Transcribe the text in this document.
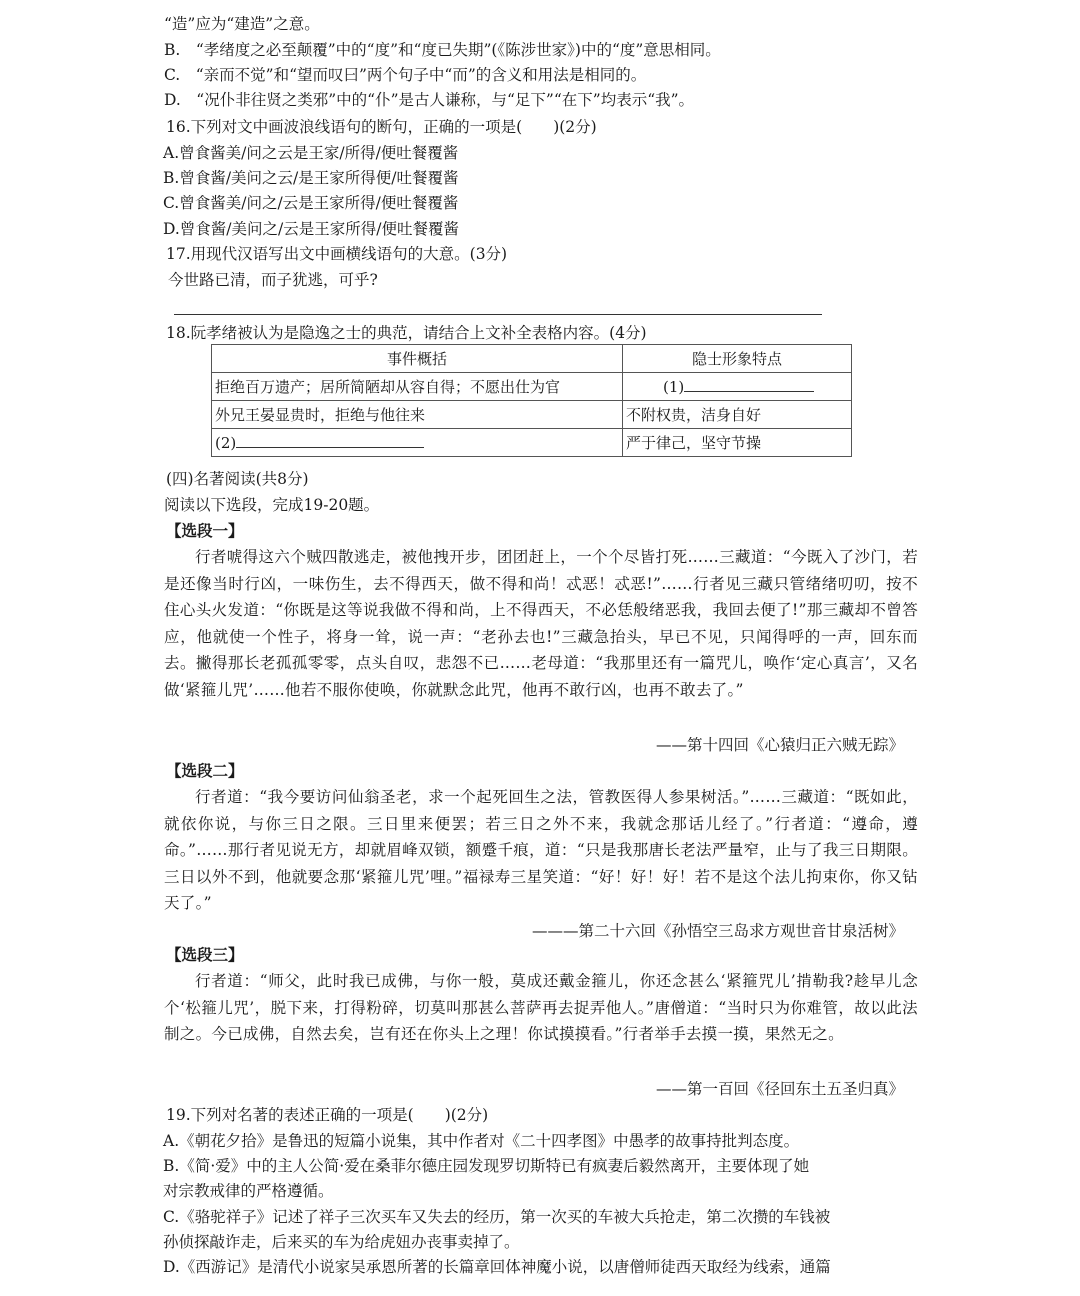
“造”应为“建造”之意。
B.　“孝绪度之必至颠覆”中的“度”和“度已失期”(《陈涉世家》)中的“度”意思相同。
C.　“亲而不觉”和“望而叹曰”两个句子中“而”的含义和用法是相同的。
D.　“况仆非往贤之类邪”中的“仆”是古人谦称，与“足下”“在下”均表示“我”。
16.下列对文中画波浪线语句的断句，正确的一项是(　　)(2分)
A.曾食酱美/问之云是王家/所得/便吐餐覆酱
B.曾食酱/美问之云/是王家所得便/吐餐覆酱
C.曾食酱美/问之/云是王家所得/便吐餐覆酱
D.曾食酱/美问之/云是王家所得/便吐餐覆酱
17.用现代汉语写出文中画横线语句的大意。(3分)
今世路已清，而子犹逃，可乎?
18.阮孝绪被认为是隐逸之士的典范，请结合上文补全表格内容。(4分)
事件概括	隐士形象特点
拒绝百万遗产；居所简陋却从容自得；不愿出仕为官	(1)
外兄王晏显贵时，拒绝与他往来	不附权贵，洁身自好
(2)	严于律己，坚守节操
(四)名著阅读(共8分)
阅读以下选段，完成19-20题。
【选段一】
行者唬得这六个贼四散逃走，被他拽开步，团团赶上，一个个尽皆打死……三藏道：“今既入了沙门，若是还像当时行凶，一味伤生，去不得西天，做不得和尚！忒恶！忒恶!”……行者见三藏只管绪绪叨叨，按不住心头火发道：“你既是这等说我做不得和尚，上不得西天，不必恁般绪恶我，我回去便了!”那三藏却不曾答应，他就使一个性子，将身一耸，说一声：“老孙去也!”三藏急抬头，早已不见，只闻得呼的一声，回东而去。撇得那长老孤孤零零，点头自叹，悲怨不已……老母道：“我那里还有一篇咒儿，唤作‘定心真言’，又名做‘紧箍儿咒’……他若不服你使唤，你就默念此咒，他再不敢行凶，也再不敢去了。”
——第十四回《心猿归正六贼无踪》
【选段二】
行者道：“我今要访问仙翁圣老，求一个起死回生之法，管教医得人参果树活。”……三藏道：“既如此，就依你说，与你三日之限。三日里来便罢；若三日之外不来，我就念那话儿经了。”行者道：“遵命，遵命。”……那行者见说无方，却就眉峰双锁，额蹙千痕，道：“只是我那唐长老法严量窄，止与了我三日期限。三日以外不到，他就要念那‘紧箍儿咒’哩。”福禄寿三星笑道：“好！好！好！若不是这个法儿拘束你，你又钻天了。”
———第二十六回《孙悟空三岛求方观世音甘泉活树》
【选段三】
行者道：“师父，此时我已成佛，与你一般，莫成还戴金箍儿，你还念甚么‘紧箍咒儿’掯勒我?趁早儿念个‘松箍儿咒’，脱下来，打得粉碎，切莫叫那甚么菩萨再去捉弄他人。”唐僧道：“当时只为你难管，故以此法制之。今已成佛，自然去矣，岂有还在你头上之理！你试摸摸看。”行者举手去摸一摸，果然无之。
——第一百回《径回东土五圣归真》
19.下列对名著的表述正确的一项是(　　)(2分)
A.《朝花夕拾》是鲁迅的短篇小说集，其中作者对《二十四孝图》中愚孝的故事持批判态度。
B.《简·爱》中的主人公简·爱在桑菲尔德庄园发现罗切斯特已有疯妻后毅然离开，主要体现了她
对宗教戒律的严格遵循。
C.《骆驼祥子》记述了祥子三次买车又失去的经历，第一次买的车被大兵抢走，第二次攒的车钱被
孙侦探敲诈走，后来买的车为给虎妞办丧事卖掉了。
D.《西游记》是清代小说家吴承恩所著的长篇章回体神魔小说，以唐僧师徒西天取经为线索，通篇
